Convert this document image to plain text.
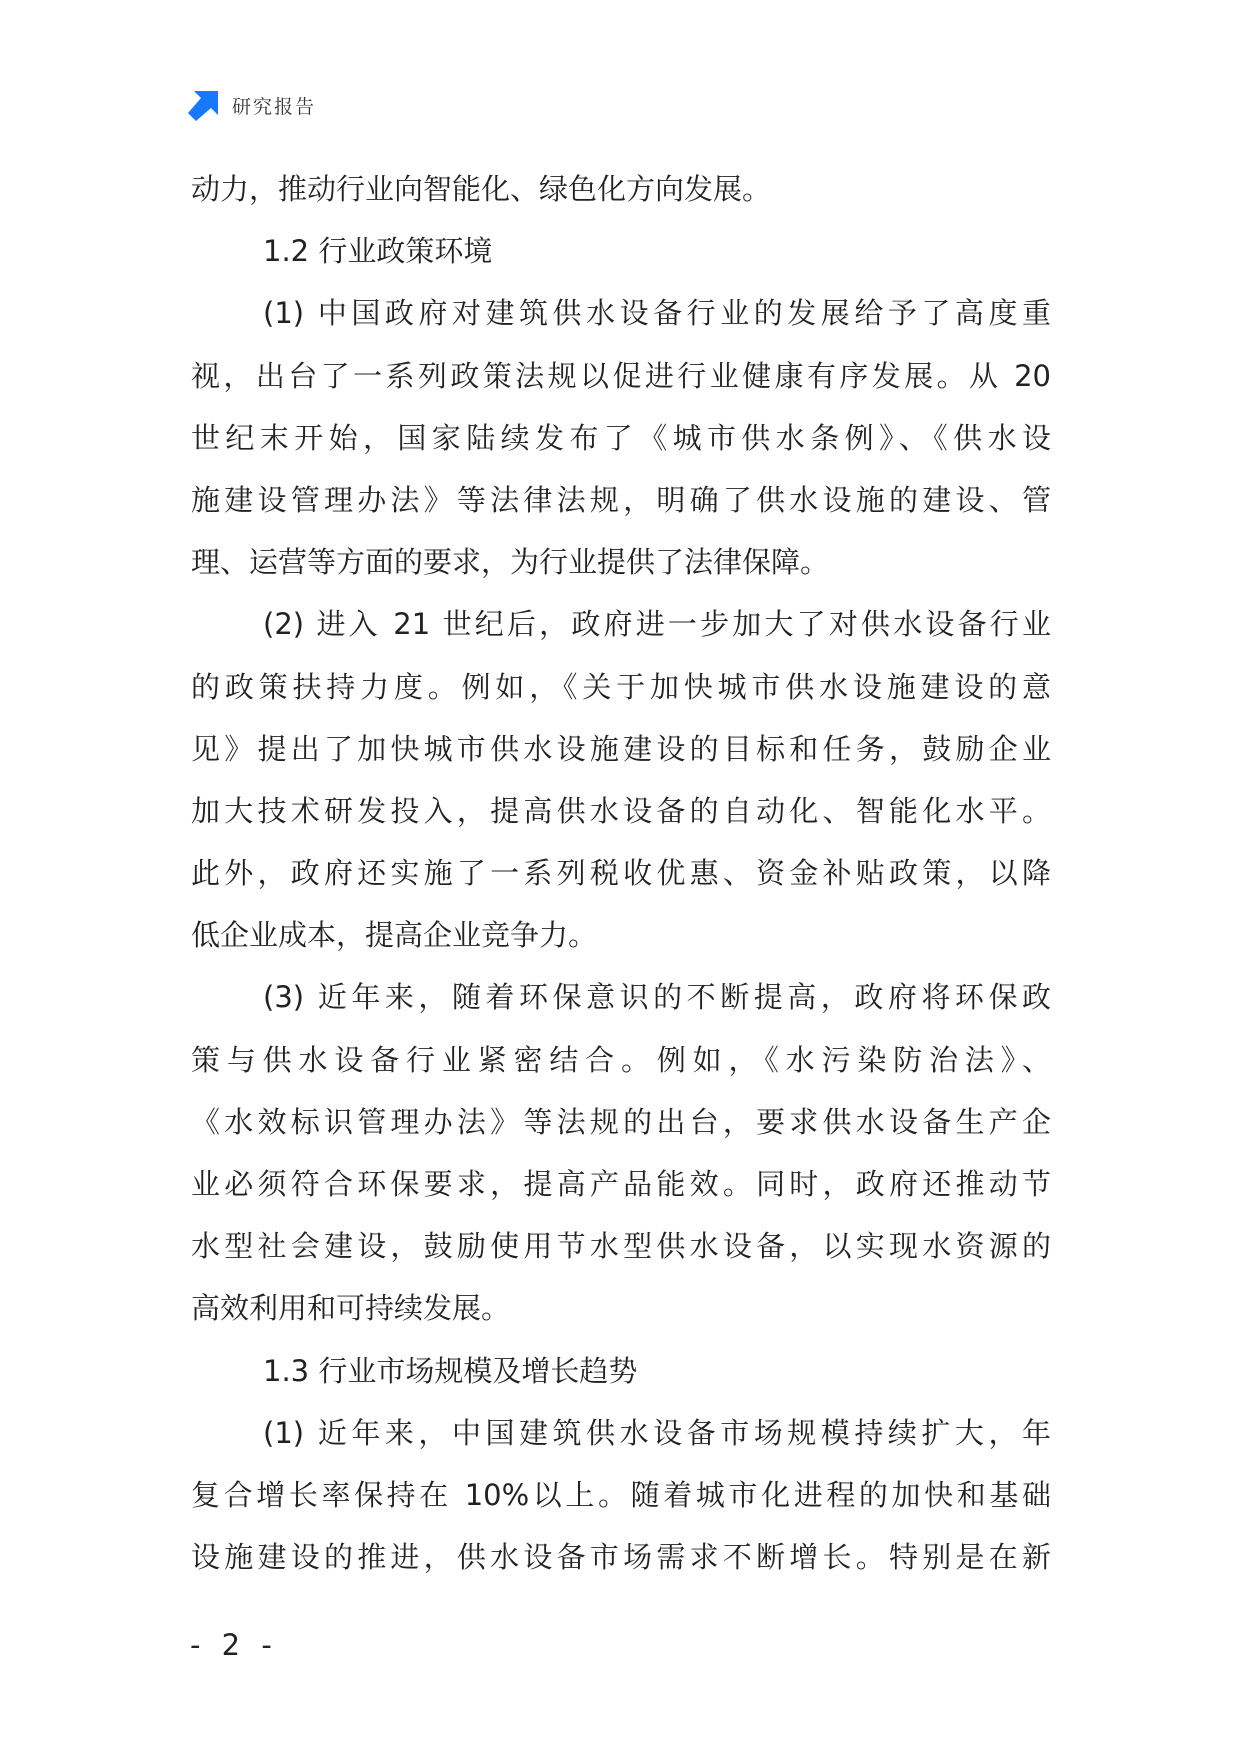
研究报告
动力，推动行业向智能化、绿色化方向发展。
1.2 行业政策环境
(1) 中国政府对建筑供水设备行业的发展给予了高度重
视，出台了一系列政策法规以促进行业健康有序发展。从 20
世纪末开始，国家陆续发布了《城市供水条例》、《供水设
施建设管理办法》等法律法规，明确了供水设施的建设、管
理、运营等方面的要求，为行业提供了法律保障。
(2) 进入 21 世纪后，政府进一步加大了对供水设备行业
的政策扶持力度。例如，《关于加快城市供水设施建设的意
见》提出了加快城市供水设施建设的目标和任务，鼓励企业
加大技术研发投入，提高供水设备的自动化、智能化水平。
此外，政府还实施了一系列税收优惠、资金补贴政策，以降
低企业成本，提高企业竞争力。
(3) 近年来，随着环保意识的不断提高，政府将环保政
策与供水设备行业紧密结合。例如，《水污染防治法》、
《水效标识管理办法》等法规的出台，要求供水设备生产企
业必须符合环保要求，提高产品能效。同时，政府还推动节
水型社会建设，鼓励使用节水型供水设备，以实现水资源的
高效利用和可持续发展。
1.3 行业市场规模及增长趋势
(1) 近年来，中国建筑供水设备市场规模持续扩大，年
复合增长率保持在 10%以上。随着城市化进程的加快和基础
设施建设的推进，供水设备市场需求不断增长。特别是在新
- 2 -
